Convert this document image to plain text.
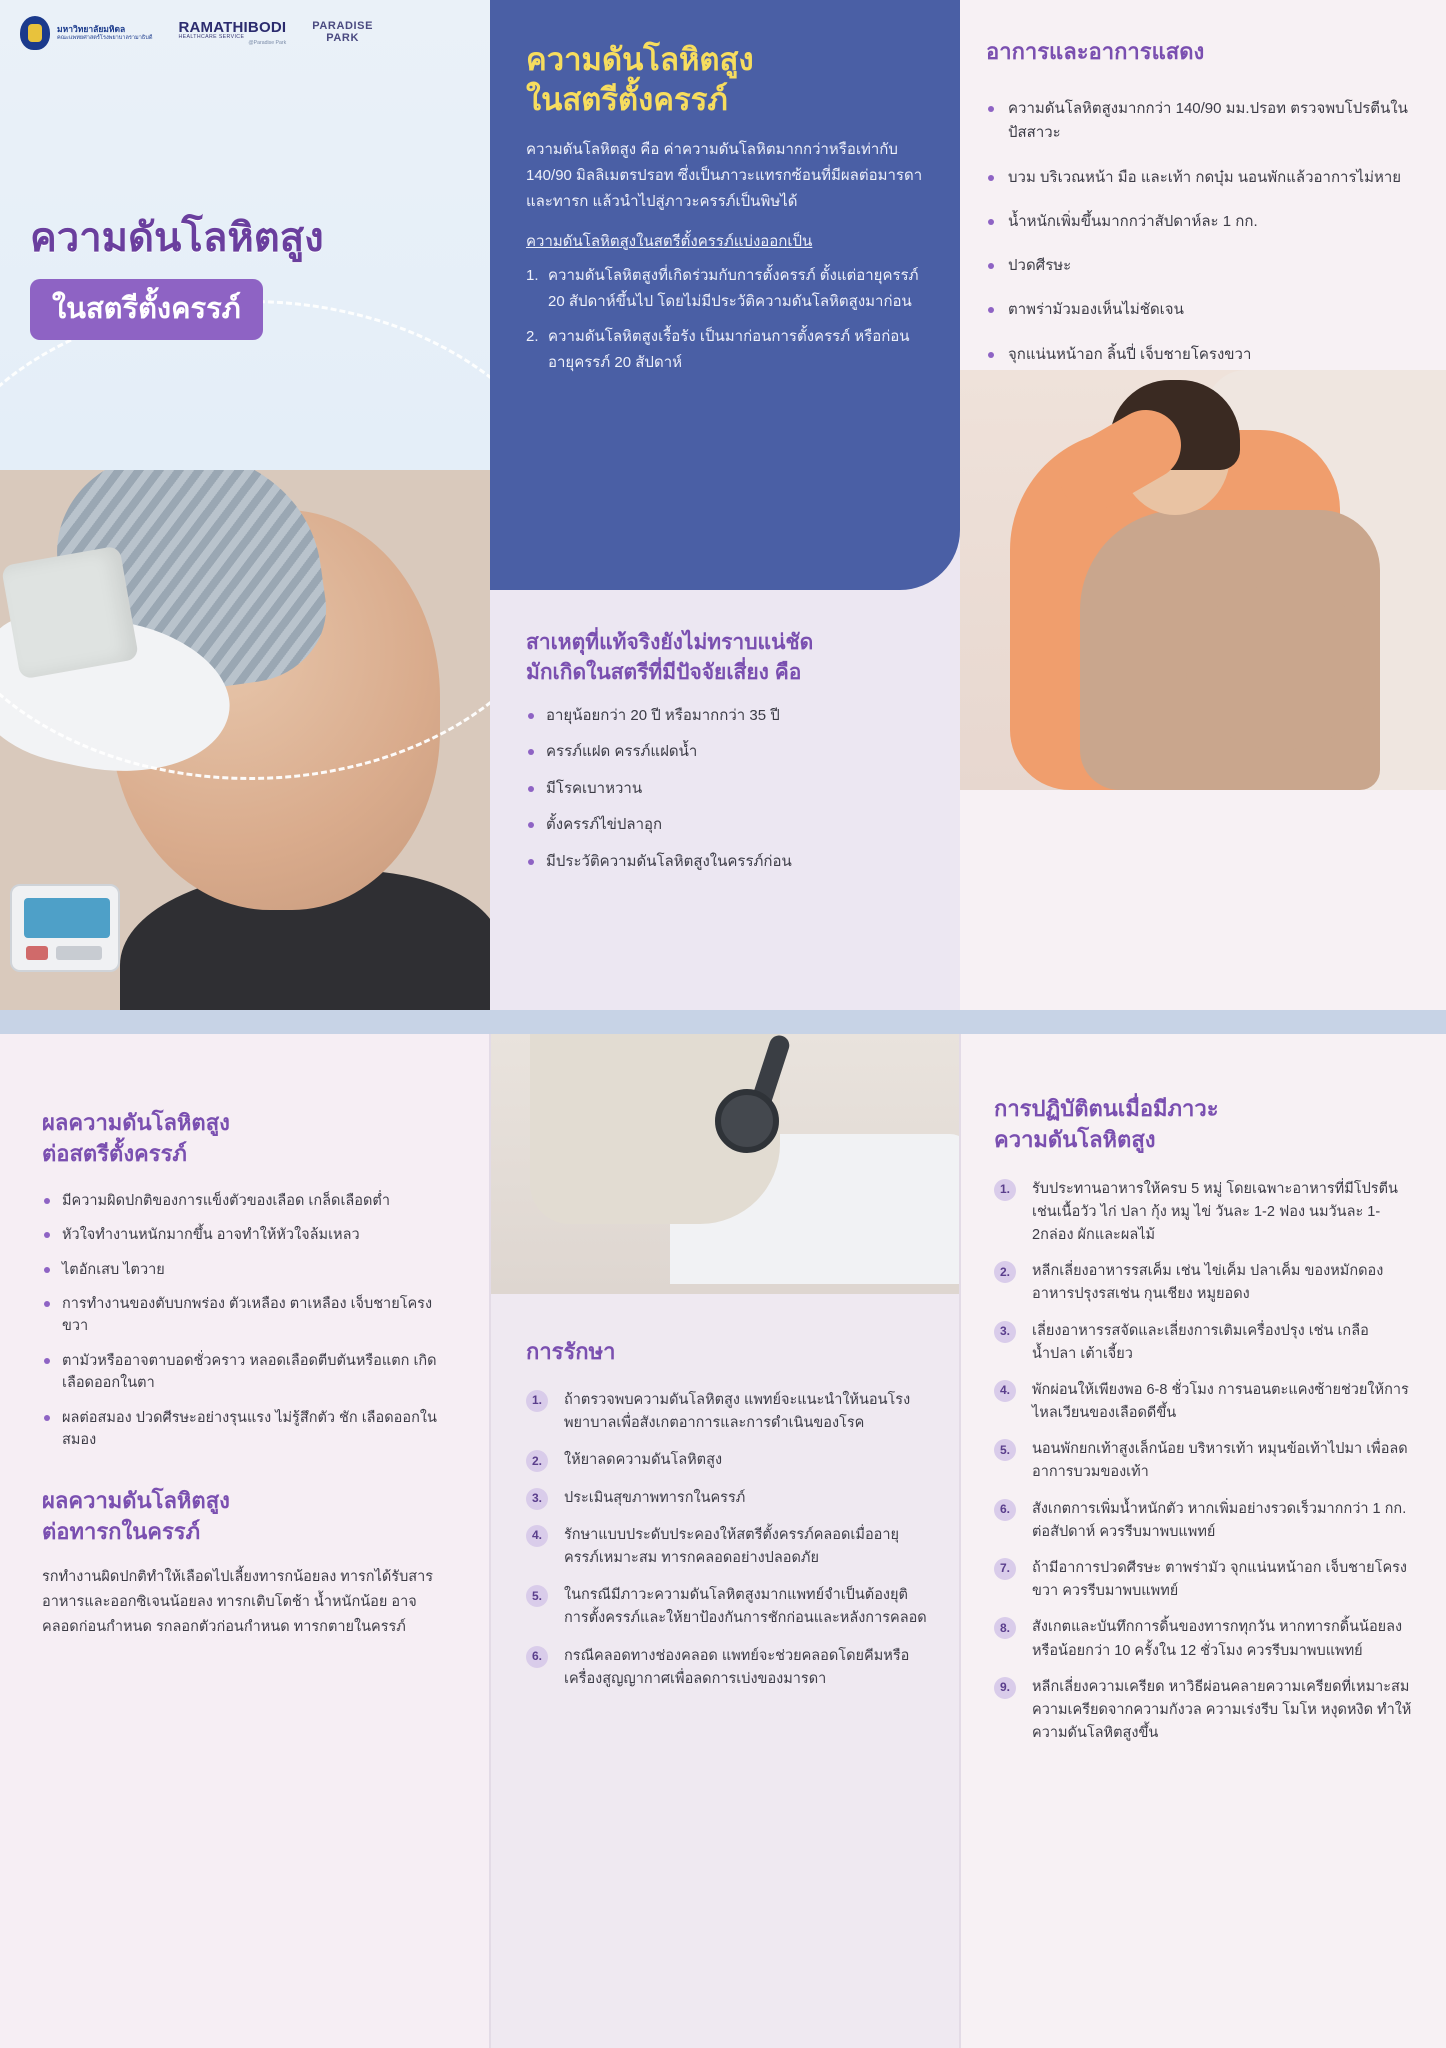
มหาวิทยาลัยมหิดล
คณะแพทยศาสตร์โรงพยาบาลรามาธิบดี
RAMATHIBODI
HEALTHCARE SERVICE
@Paradise Park
PARADISE
PARK
ความดันโลหิตสูง
ในสตรีตั้งครรภ์
ความดันโลหิตสูง
ในสตรีตั้งครรภ์

ความดันโลหิตสูง คือ ค่าความดันโลหิตมากกว่าหรือเท่ากับ 140/90 มิลลิเมตรปรอท ซึ่งเป็นภาวะแทรกซ้อนที่มีผลต่อมารดาและทารก แล้วนำไปสู่ภาวะครรภ์เป็นพิษได้

ความดันโลหิตสูงในสตรีตั้งครรภ์แบ่งออกเป็น
1. ความดันโลหิตสูงที่เกิดร่วมกับการตั้งครรภ์ ตั้งแต่อายุครรภ์ 20 สัปดาห์ขึ้นไป โดยไม่มีประวัติความดันโลหิตสูงมาก่อน
2. ความดันโลหิตสูงเรื้อรัง เป็นมาก่อนการตั้งครรภ์ หรือก่อนอายุครรภ์ 20 สัปดาห์
สาเหตุที่แท้จริงยังไม่ทราบแน่ชัด
มักเกิดในสตรีที่มีปัจจัยเสี่ยง คือ
อายุน้อยกว่า 20 ปี หรือมากกว่า 35 ปี
ครรภ์แฝด ครรภ์แฝดน้ำ
มีโรคเบาหวาน
ตั้งครรภ์ไข่ปลาอุก
มีประวัติความดันโลหิตสูงในครรภ์ก่อน
อาการและอาการแสดง
ความดันโลหิตสูงมากกว่า 140/90 มม.ปรอท ตรวจพบโปรตีนในปัสสาวะ
บวม บริเวณหน้า มือ และเท้า กดบุ๋ม นอนพักแล้วอาการไม่หาย
น้ำหนักเพิ่มขึ้นมากกว่าสัปดาห์ละ 1 กก.
ปวดศีรษะ
ตาพร่ามัวมองเห็นไม่ชัดเจน
จุกแน่นหน้าอก ลิ้นปี่ เจ็บชายโครงขวา
ผลความดันโลหิตสูง
ต่อสตรีตั้งครรภ์
มีความผิดปกติของการแข็งตัวของเลือด เกล็ดเลือดต่ำ
หัวใจทำงานหนักมากขึ้น อาจทำให้หัวใจล้มเหลว
ไตอักเสบ ไตวาย
การทำงานของตับบกพร่อง ตัวเหลือง ตาเหลือง เจ็บชายโครงขวา
ตามัวหรืออาจตาบอดชั่วคราว หลอดเลือดตีบตันหรือแตก เกิดเลือดออกในตา
ผลต่อสมอง ปวดศีรษะอย่างรุนแรง ไม่รู้สึกตัว ชัก เลือดออกในสมอง
ผลความดันโลหิตสูง
ต่อทารกในครรภ์

รกทำงานผิดปกติทำให้เลือดไปเลี้ยงทารกน้อยลง ทารกได้รับสารอาหารและออกซิเจนน้อยลง ทารกเติบโตช้า น้ำหนักน้อย อาจคลอดก่อนกำหนด รกลอกตัวก่อนกำหนด ทารกตายในครรภ์

การรักษา
1.	ถ้าตรวจพบความดันโลหิตสูง แพทย์จะแนะนำให้นอนโรงพยาบาลเพื่อสังเกตอาการและการดำเนินของโรค
2.	ให้ยาลดความดันโลหิตสูง
3.	ประเมินสุขภาพทารกในครรภ์
4.	รักษาแบบประดับประคองให้สตรีตั้งครรภ์คลอดเมื่ออายุครรภ์เหมาะสม ทารกคลอดอย่างปลอดภัย
5.	ในกรณีมีภาวะความดันโลหิตสูงมากแพทย์จำเป็นต้องยุติการตั้งครรภ์และให้ยาป้องกันการชักก่อนและหลังการคลอด
6.	กรณีคลอดทางช่องคลอด แพทย์จะช่วยคลอดโดยคีมหรือเครื่องสูญญากาศเพื่อลดการเบ่งของมารดา
การปฏิบัติตนเมื่อมีภาวะ
ความดันโลหิตสูง
1.	รับประทานอาหารให้ครบ 5 หมู่ โดยเฉพาะอาหารที่มีโปรตีนเช่นเนื้อวัว ไก่ ปลา กุ้ง หมู ไข่ วันละ 1-2 ฟอง นมวันละ 1-2กล่อง ผักและผลไม้
2.	หลีกเลี่ยงอาหารรสเค็ม เช่น ไข่เค็ม ปลาเค็ม ของหมักดองอาหารปรุงรสเช่น กุนเชียง หมูยอดง
3.	เลี่ยงอาหารรสจัดและเลี่ยงการเติมเครื่องปรุง เช่น เกลือ น้ำปลา เต้าเจี้ยว
4.	พักผ่อนให้เพียงพอ 6-8 ชั่วโมง การนอนตะแคงซ้ายช่วยให้การไหลเวียนของเลือดดีขึ้น
5.	นอนพักยกเท้าสูงเล็กน้อย บริหารเท้า หมุนข้อเท้าไปมา เพื่อลดอาการบวมของเท้า
6.	สังเกตการเพิ่มน้ำหนักตัว หากเพิ่มอย่างรวดเร็วมากกว่า 1 กก. ต่อสัปดาห์ ควรรีบมาพบแพทย์
7.	ถ้ามีอาการปวดศีรษะ ตาพร่ามัว จุกแน่นหน้าอก เจ็บชายโครงขวา ควรรีบมาพบแพทย์
8.	สังเกตและบันทึกการดิ้นของทารกทุกวัน หากทารกดิ้นน้อยลงหรือน้อยกว่า 10 ครั้งใน 12 ชั่วโมง ควรรีบมาพบแพทย์
9.	หลีกเลี่ยงความเครียด หาวิธีผ่อนคลายความเครียดที่เหมาะสมความเครียดจากความกังวล ความเร่งรีบ โมโห หงุดหงิด ทำให้ความดันโลหิตสูงขึ้น
